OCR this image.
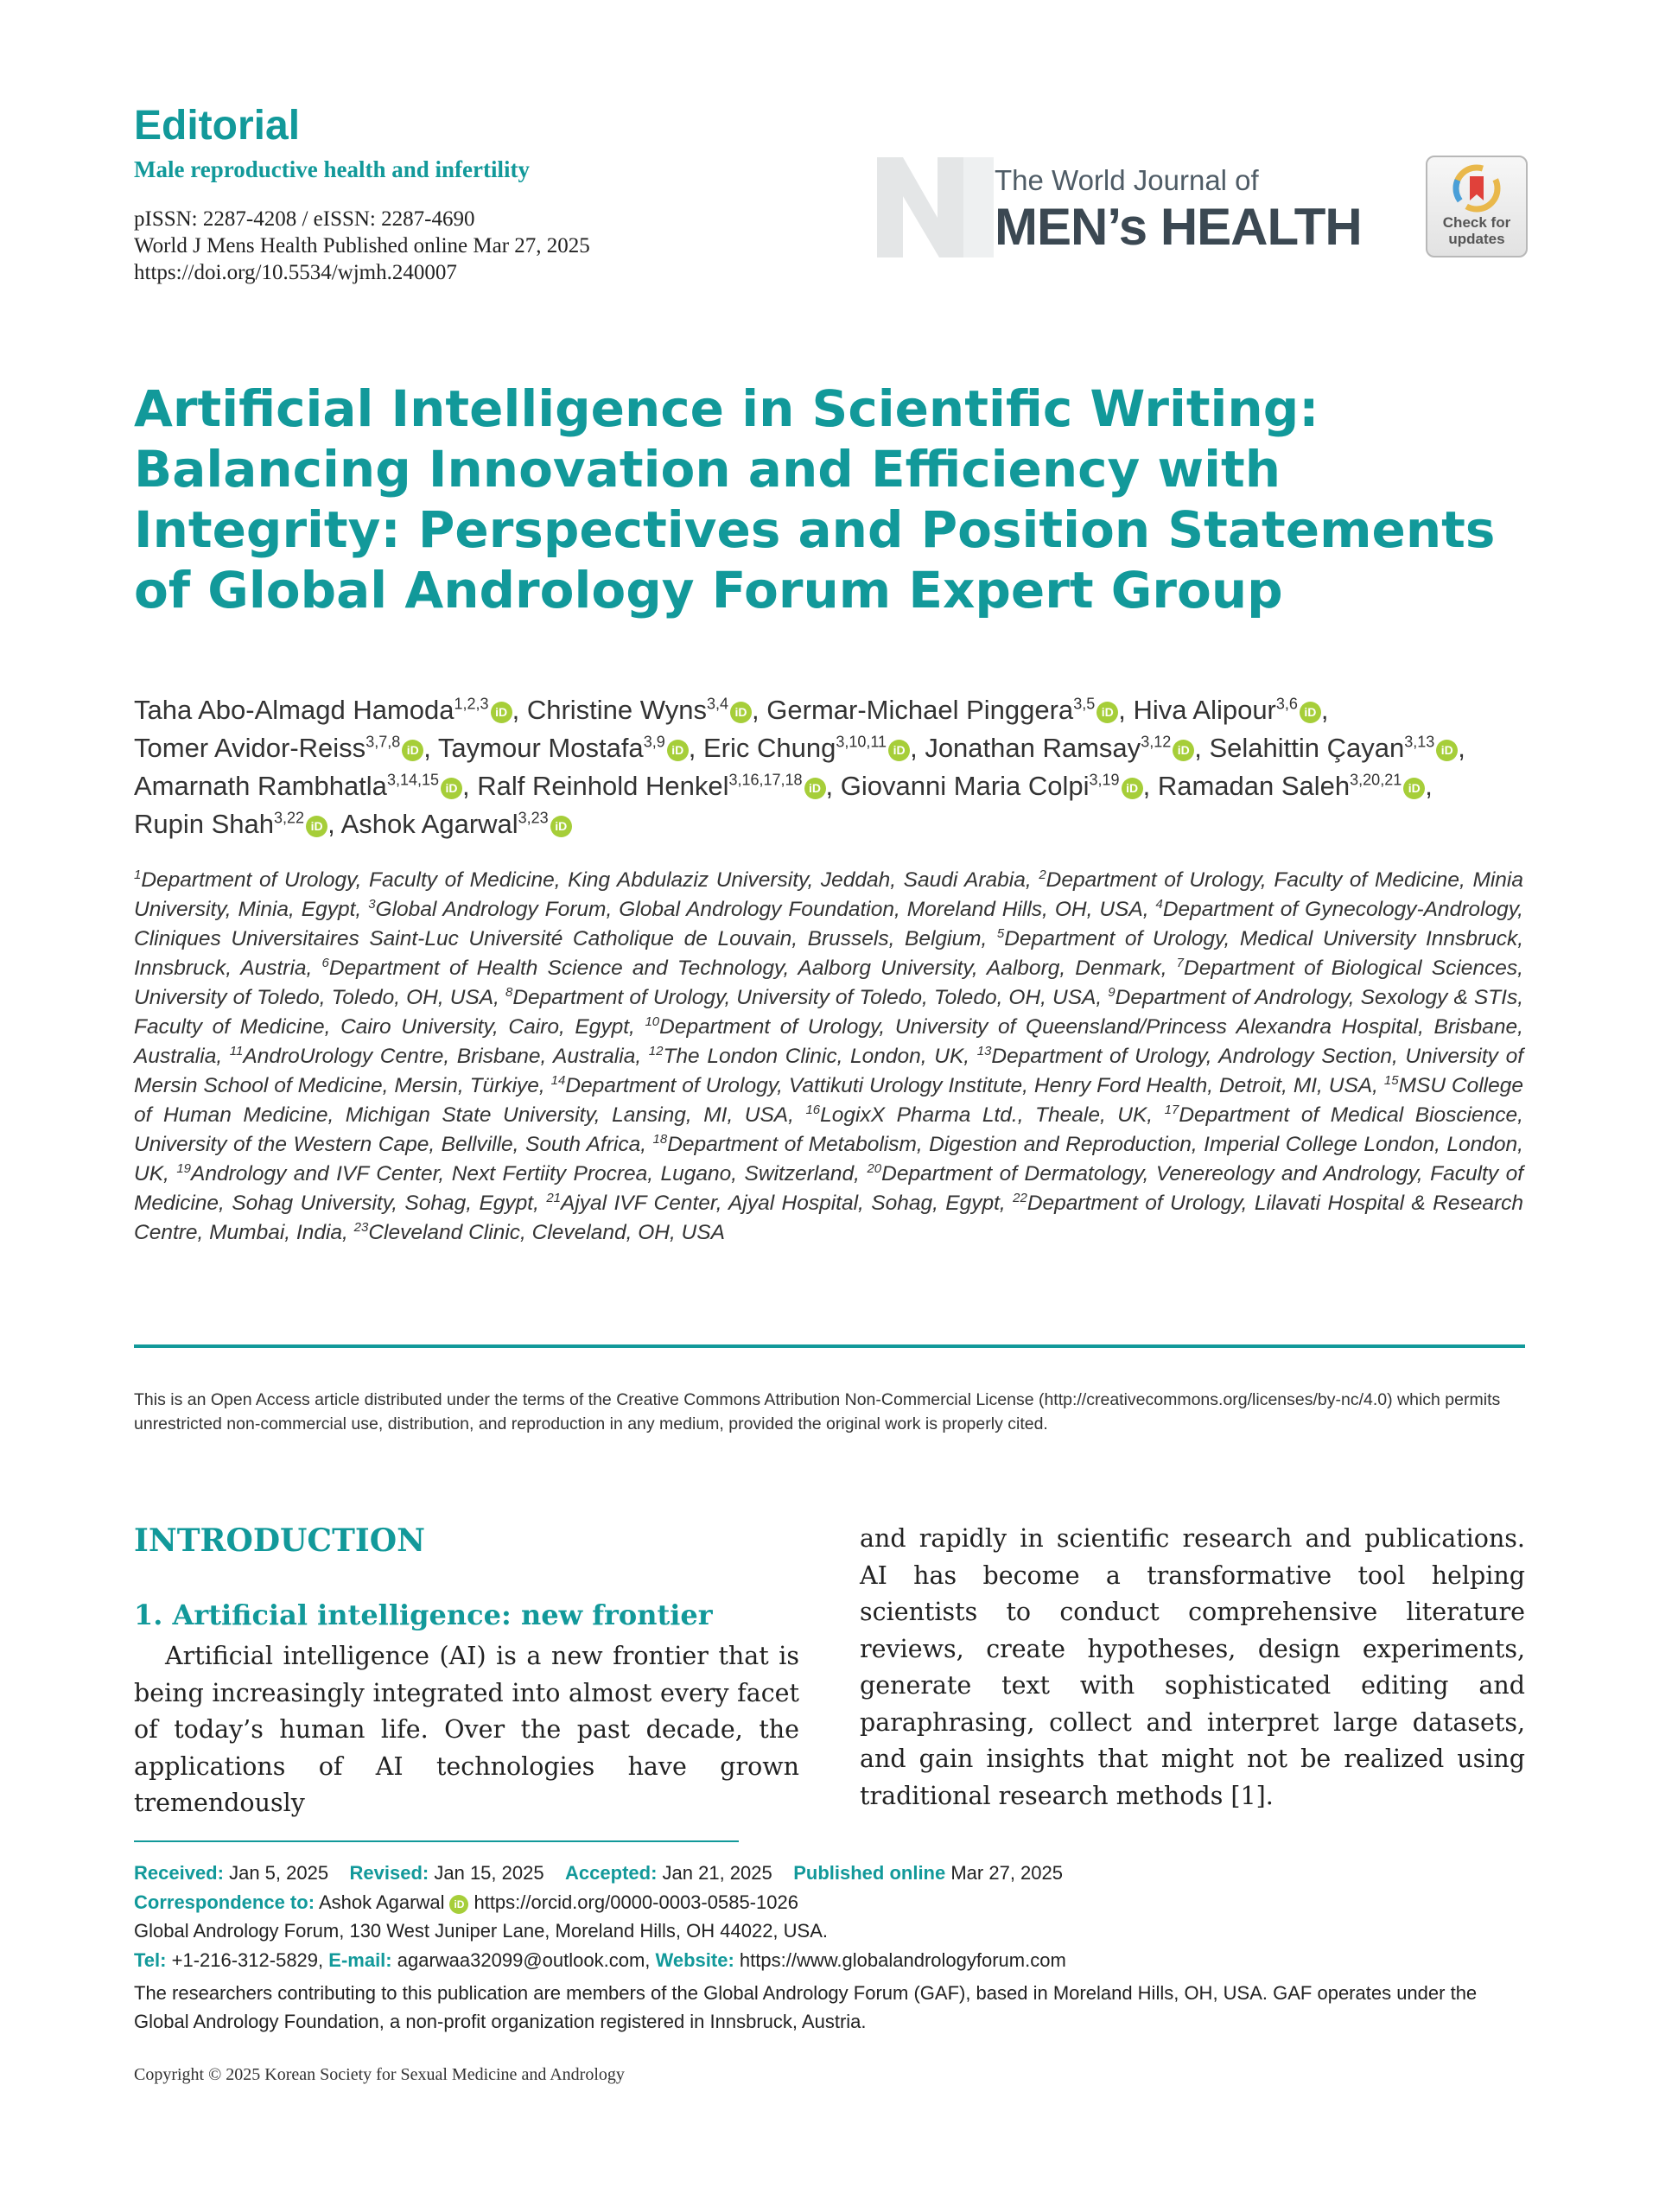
Editorial
Male reproductive health and infertility
pISSN: 2287-4208 / eISSN: 2287-4690
World J Mens Health Published online Mar 27, 2025
https://doi.org/10.5534/wjmh.240007
The World Journal of
MEN’s HEALTH	Check for updates
Artificial Intelligence in Scientific Writing: Balancing Innovation and Efficiency with Integrity: Perspectives and Position Statements of Global Andrology Forum Expert Group
Taha Abo-Almagd Hamoda$^{1,2,3}$ iD , Christine Wyns$^{3,4}$ iD , Germar-Michael Pinggera$^{3,5}$ iD , Hiva Alipour$^{3,6}$ iD , Tomer Avidor-Reiss$^{3,7,8}$ iD , Taymour Mostafa$^{3,9}$ iD , Eric Chung$^{3,10,11}$ iD , Jonathan Ramsay$^{3,12}$ iD , Selahittin Çayan$^{3,13}$ iD , Amarnath Rambhatla$^{3,14,15}$ iD , Ralf Reinhold Henkel$^{3,16,17,18}$ iD , Giovanni Maria Colpi$^{3,19}$ iD , Ramadan Saleh$^{3,20,21}$ iD , Rupin Shah$^{3,22}$ iD , Ashok Agarwal$^{3,23}$iD
$^1$Department of Urology, Faculty of Medicine, King Abdulaziz University, Jeddah, Saudi Arabia, $^2$Department of Urology, Faculty of Medicine, Minia University, Minia, Egypt, $^3$Global Andrology Forum, Global Andrology Foundation, Moreland Hills, OH, USA, $^4$Department of Gynecology-Andrology, Cliniques Universitaires Saint-Luc Université Catholique de Louvain, Brussels, Belgium, $^5$Department of Urology, Medical University Innsbruck, Innsbruck, Austria, $^6$Department of Health Science and Technology, Aalborg University, Aalborg, Denmark, $^7$Department of Biological Sciences, University of Toledo, Toledo, OH, USA, $^8$Department of Urology, University of Toledo, Toledo, OH, USA, $^9$Department of Andrology, Sexology & STIs, Faculty of Medicine, Cairo University, Cairo, Egypt, $^{10}$Department of Urology, University of Queensland/Princess Alexandra Hospital, Brisbane, Australia, $^{11}$AndroUrology Centre, Brisbane, Australia, $^{12}$The London Clinic, London, UK, $^{13}$Department of Urology, Andrology Section, University of Mersin School of Medicine, Mersin, Türkiye, $^{14}$Department of Urology, Vattikuti Urology Institute, Henry Ford Health, Detroit, MI, USA, $^{15}$MSU College of Human Medicine, Michigan State University, Lansing, MI, USA, $^{16}$LogixX Pharma Ltd., Theale, UK, $^{17}$Department of Medical Bioscience, University of the Western Cape, Bellville, South Africa, $^{18}$Department of Metabolism, Digestion and Reproduction, Imperial College London, London, UK, $^{19}$Andrology and IVF Center, Next Fertiity Procrea, Lugano, Switzerland, $^{20}$Department of Dermatology, Venereology and Andrology, Faculty of Medicine, Sohag University, Sohag, Egypt, $^{21}$Ajyal IVF Center, Ajyal Hospital, Sohag, Egypt, $^{22}$Department of Urology, Lilavati Hospital & Research Centre, Mumbai, India, $^{23}$Cleveland Clinic, Cleveland, OH, USA
This is an Open Access article distributed under the terms of the Creative Commons Attribution Non-Commercial License (http://creativecommons.org/licenses/by-nc/4.0) which permits unrestricted non-commercial use, distribution, and reproduction in any medium, provided the original work is properly cited.
INTRODUCTION
1. Artificial intelligence: new frontier
Artificial intelligence (AI) is a new frontier that is being increasingly integrated into almost every facet of today’s human life. Over the past decade, the applications of AI technologies have grown tremendously
and rapidly in scientific research and publications. AI has become a transformative tool helping scientists to conduct comprehensive literature reviews, create hypotheses, design experiments, generate text with sophisticated editing and paraphrasing, collect and interpret large datasets, and gain insights that might not be realized using traditional research methods [1].
Received: Jan 5, 2025 Revised: Jan 15, 2025 Accepted: Jan 21, 2025 Published online Mar 27, 2025
Correspondence to: Ashok Agarwal iD https://orcid.org/0000-0003-0585-1026
Global Andrology Forum, 130 West Juniper Lane, Moreland Hills, OH 44022, USA.
Tel: +1-216-312-5829, E-mail: agarwaa32099@outlook.com, Website: https://www.globalandrologyforum.com
The researchers contributing to this publication are members of the Global Andrology Forum (GAF), based in Moreland Hills, OH, USA. GAF operates under the Global Andrology Foundation, a non-profit organization registered in Innsbruck, Austria.
Copyright © 2025 Korean Society for Sexual Medicine and Andrology
